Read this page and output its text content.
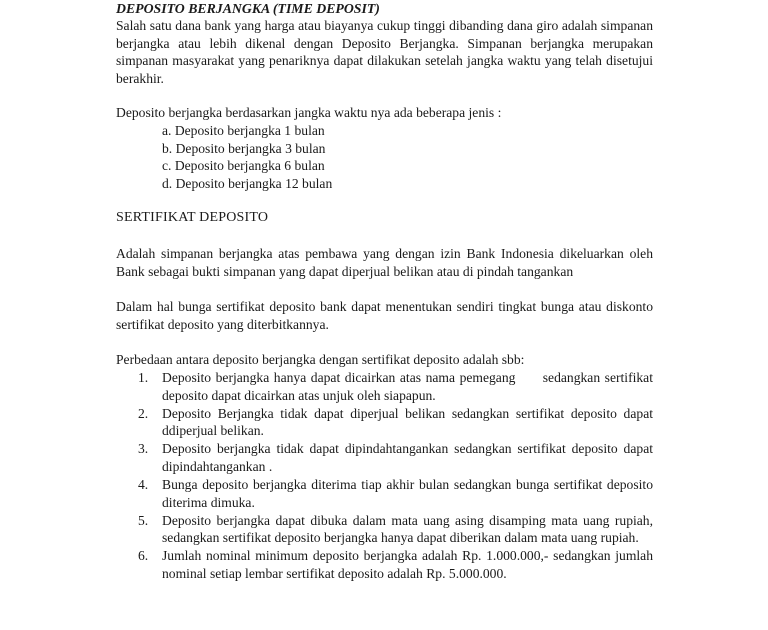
DEPOSITO BERJANGKA (TIME DEPOSIT)

Salah satu dana bank yang harga atau biayanya cukup tinggi dibanding dana giro adalah simpanan berjangka atau lebih dikenal dengan Deposito Berjangka. Simpanan berjangka merupakan simpanan masyarakat yang penariknya dapat dilakukan setelah jangka waktu yang telah disetujui berakhir.

Deposito berjangka berdasarkan jangka waktu nya ada beberapa jenis :

a. Deposito berjangka 1 bulan
b. Deposito berjangka 3 bulan
c. Deposito berjangka 6 bulan
d. Deposito berjangka 12 bulan

SERTIFIKAT DEPOSITO

Adalah simpanan berjangka atas pembawa yang dengan izin Bank Indonesia dikeluarkan oleh Bank sebagai bukti simpanan yang dapat diperjual belikan atau di pindah tangankan

Dalam hal bunga sertifikat deposito bank dapat menentukan sendiri tingkat bunga atau diskonto sertifikat deposito yang diterbitkannya.

Perbedaan antara deposito berjangka dengan sertifikat deposito adalah sbb:

1.	Deposito berjangka hanya dapat dicairkan atas nama pemegang      sedangkan sertifikat deposito dapat dicairkan atas unjuk oleh siapapun.
2.	Deposito Berjangka tidak dapat diperjual belikan sedangkan sertifikat deposito dapat ddiperjual belikan.
3.	Deposito berjangka tidak dapat dipindahtangankan sedangkan sertifikat deposito dapat dipindahtangankan .
4.	Bunga deposito berjangka diterima tiap akhir bulan sedangkan bunga sertifikat deposito diterima dimuka.
5.	Deposito berjangka dapat dibuka dalam mata uang asing disamping mata uang rupiah, sedangkan sertifikat deposito berjangka hanya dapat diberikan dalam mata uang rupiah.
6.	Jumlah nominal minimum deposito berjangka adalah Rp. 1.000.000,- sedangkan jumlah nominal setiap lembar sertifikat deposito adalah Rp. 5.000.000.
